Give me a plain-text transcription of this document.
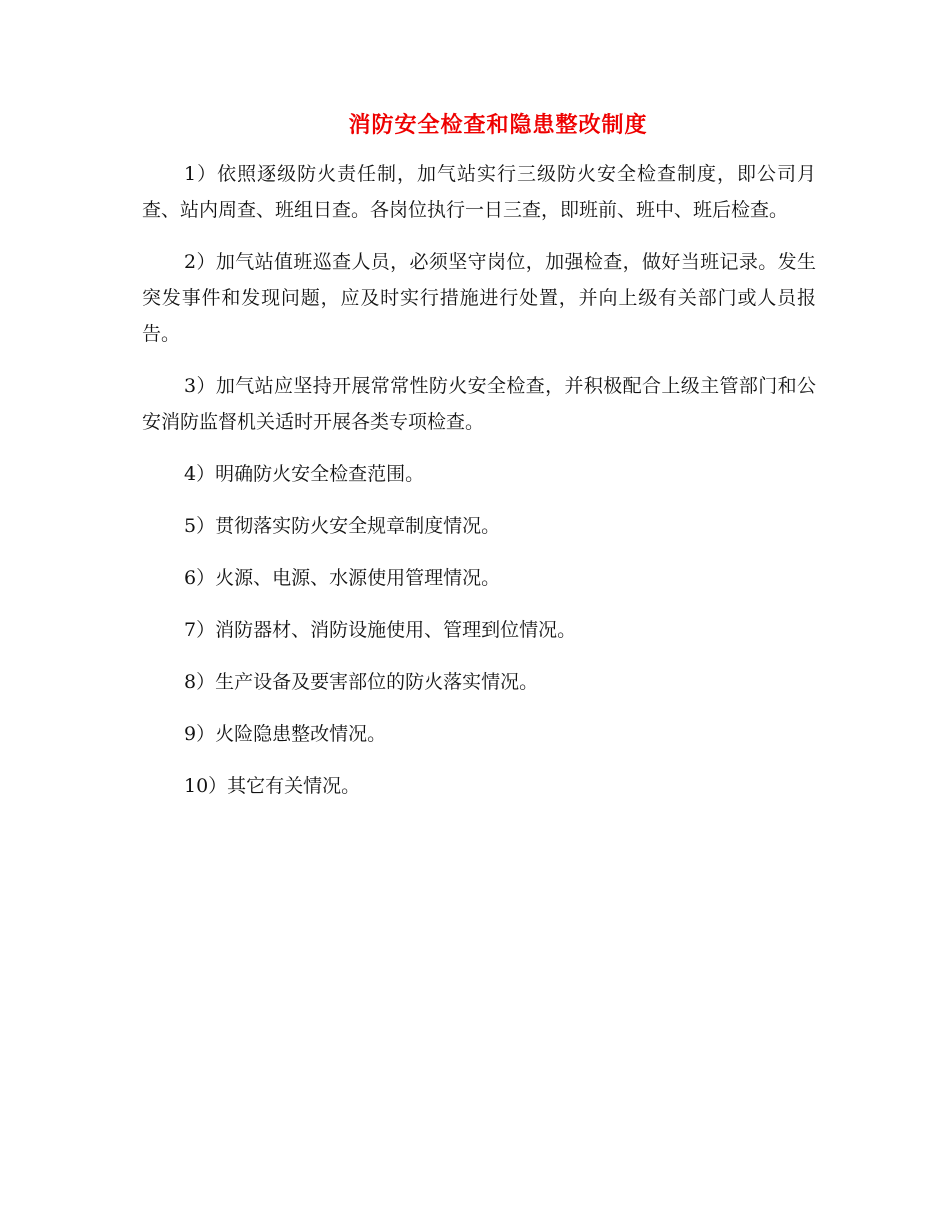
消防安全检查和隐患整改制度

1）依照逐级防火责任制，加气站实行三级防火安全检查制度，即公司月查、站内周查、班组日查。各岗位执行一日三查，即班前、班中、班后检查。

2）加气站值班巡查人员，必须坚守岗位，加强检查，做好当班记录。发生突发事件和发现问题，应及时实行措施进行处置，并向上级有关部门或人员报告。

3）加气站应坚持开展常常性防火安全检查，并积极配合上级主管部门和公安消防监督机关适时开展各类专项检查。

4）明确防火安全检查范围。

5）贯彻落实防火安全规章制度情况。

6）火源、电源、水源使用管理情况。

7）消防器材、消防设施使用、管理到位情况。

8）生产设备及要害部位的防火落实情况。

9）火险隐患整改情况。

10）其它有关情况。
